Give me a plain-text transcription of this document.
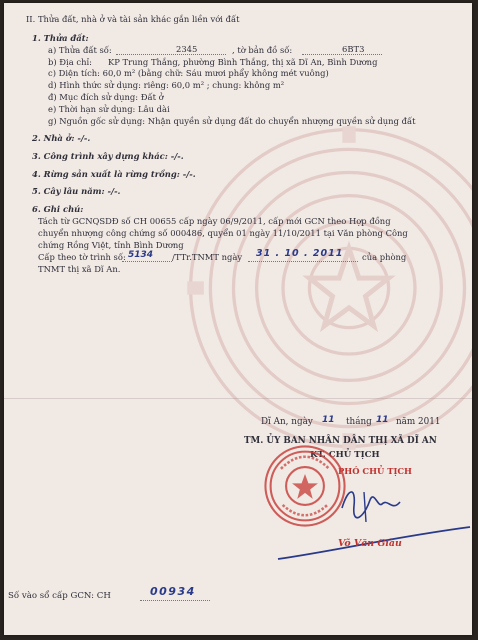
II. Thửa đất, nhà ở và tài sản khác gắn liền với đất
1. Thửa đất:
a) Thửa đất số:	2345	, tờ bản đồ số:	6BT3
b) Địa chỉ: KP Trung Thắng, phường Bình Thắng, thị xã Dĩ An, Bình Dương
c) Diện tích: 60,0 m² (bằng chữ: Sáu mươi phẩy không mét vuông)
d) Hình thức sử dụng: riêng: 60,0 m² ; chung: không m²
đ) Mục đích sử dụng: Đất ở
e) Thời hạn sử dụng: Lâu dài
g) Nguồn gốc sử dụng: Nhận quyền sử dụng đất do chuyển nhượng quyền sử dụng đất
2. Nhà ở: -/-.
3. Công trình xây dựng khác: -/-.
4. Rừng sản xuất là rừng trồng: -/-.
5. Cây lâu năm: -/-.
6. Ghi chú:
Tách từ GCNQSDĐ số CH 00655 cấp ngày 06/9/2011, cấp mới GCN theo Hợp đồng
chuyển nhượng công chứng số 000486, quyển 01 ngày 11/10/2011 tại Văn phòng Công
chứng Rồng Việt, tỉnh Bình Dương
Cấp theo tờ trình số: 5134 /TTr.TNMT ngày 31 . 10 . 2011 của phòng
TNMT thị xã Dĩ An.
Dĩ An, ngày 11 tháng 11 năm 2011
TM. ỦY BAN NHÂN DÂN THỊ XÃ DĨ AN
KT. CHỦ TỊCH
PHÓ CHỦ TỊCH
Võ Văn Giàu
Số vào sổ cấp GCN: CH	00934
